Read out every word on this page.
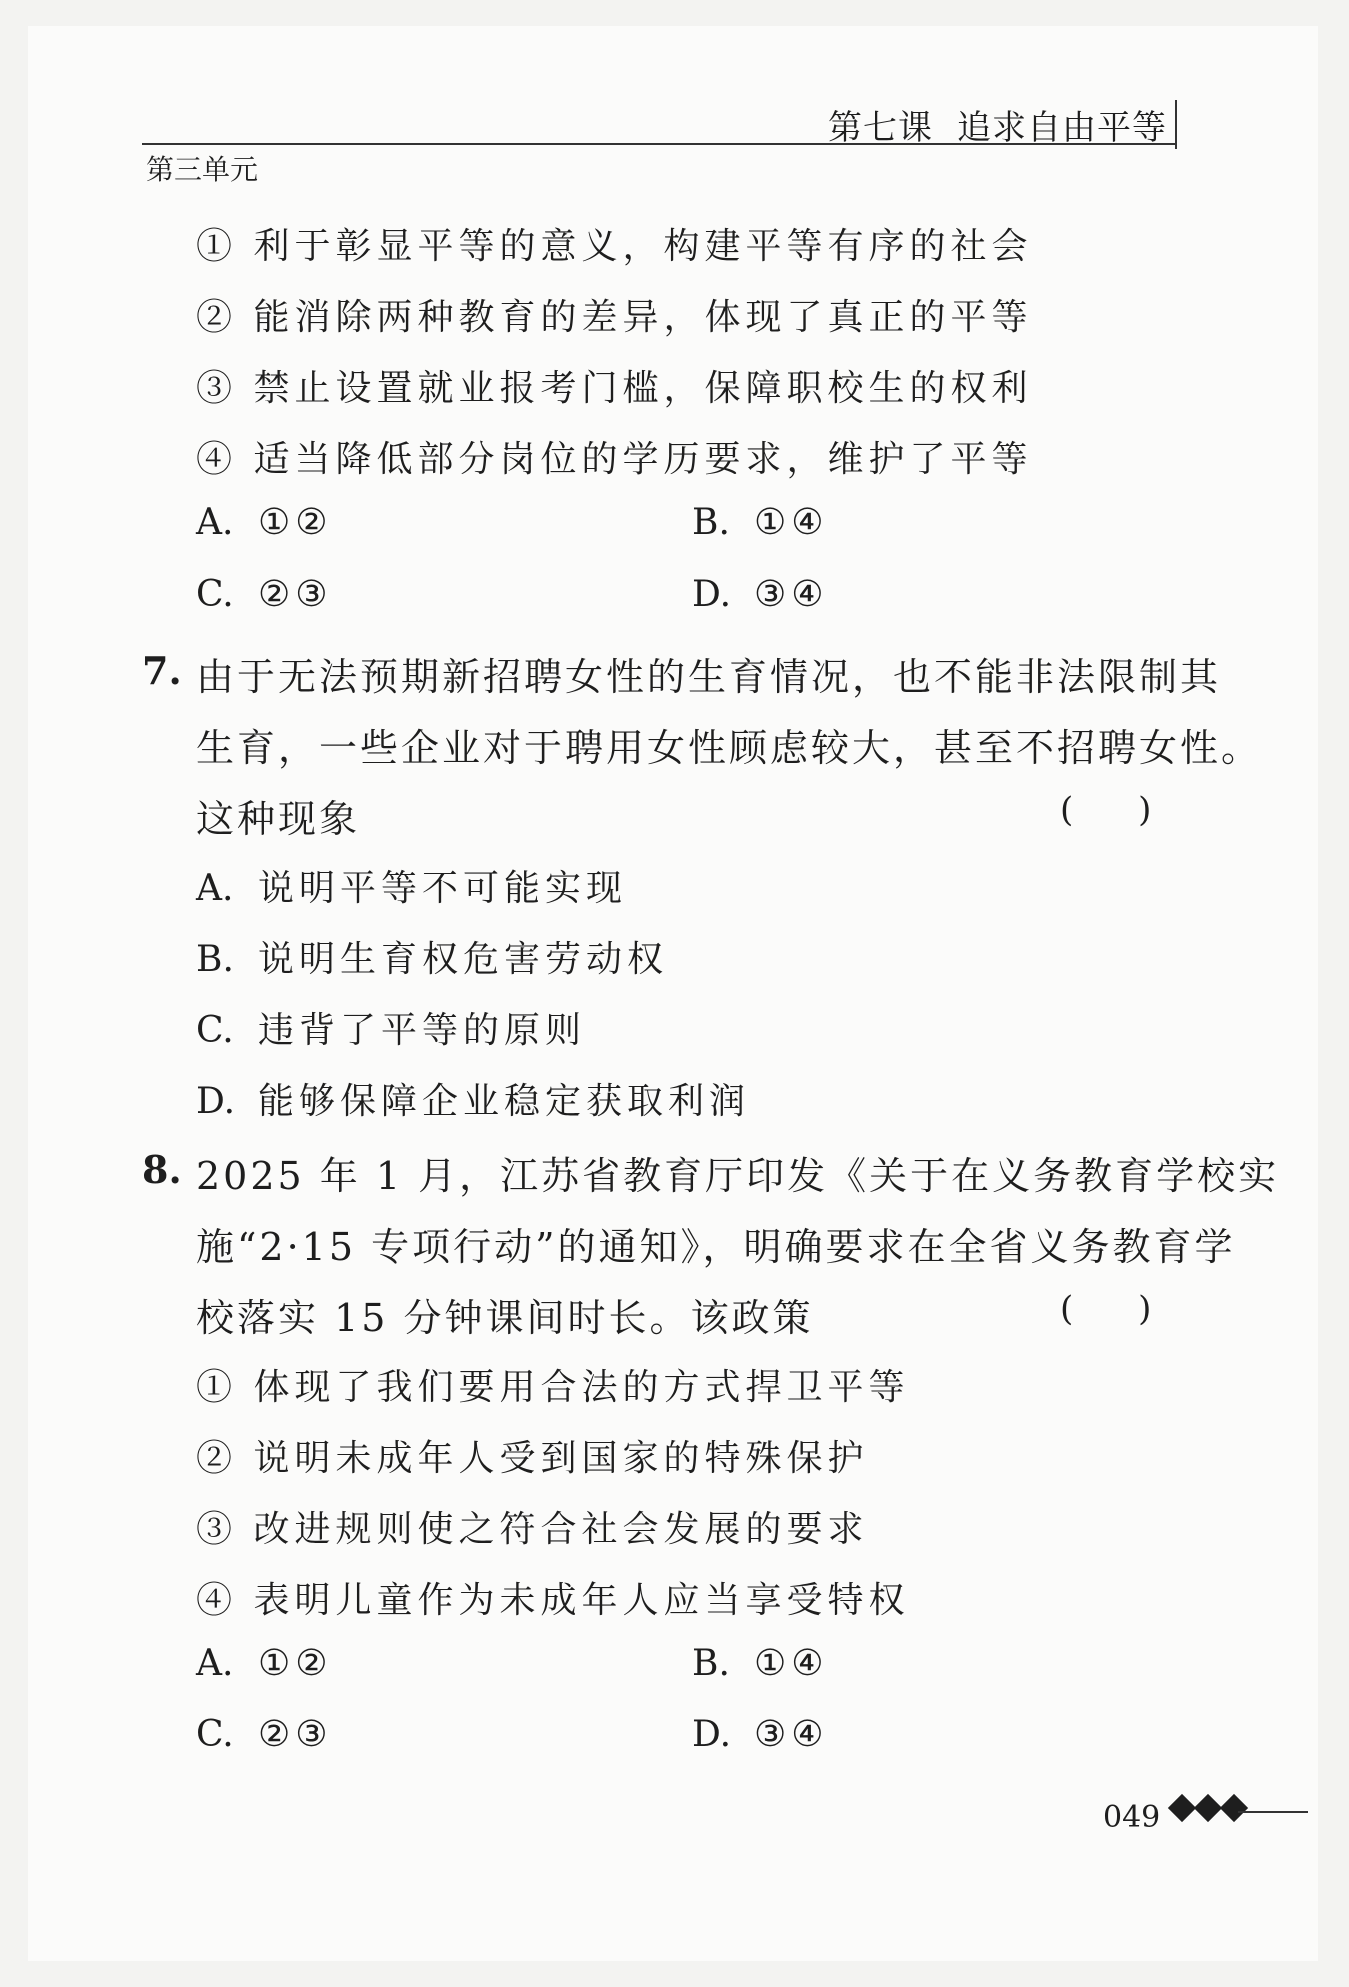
第七课 追求自由平等
第三单元
① 利于彰显平等的意义，构建平等有序的社会
② 能消除两种教育的差异，体现了真正的平等
③ 禁止设置就业报考门槛，保障职校生的权利
④ 适当降低部分岗位的学历要求，维护了平等
A. ①②	B. ①④
C. ②③	D. ③④
7. 由于无法预期新招聘女性的生育情况，也不能非法限制其
生育，一些企业对于聘用女性顾虑较大，甚至不招聘女性。
这种现象	(      )
A. 说明平等不可能实现
B. 说明生育权危害劳动权
C. 违背了平等的原则
D. 能够保障企业稳定获取利润
8. 2025 年 1 月，江苏省教育厅印发《关于在义务教育学校实
施“2·15 专项行动”的通知》，明确要求在全省义务教育学
校落实 15 分钟课间时长。该政策	(      )
① 体现了我们要用合法的方式捍卫平等
② 说明未成年人受到国家的特殊保护
③ 改进规则使之符合社会发展的要求
④ 表明儿童作为未成年人应当享受特权
A. ①②	B. ①④
C. ②③	D. ③④
049
